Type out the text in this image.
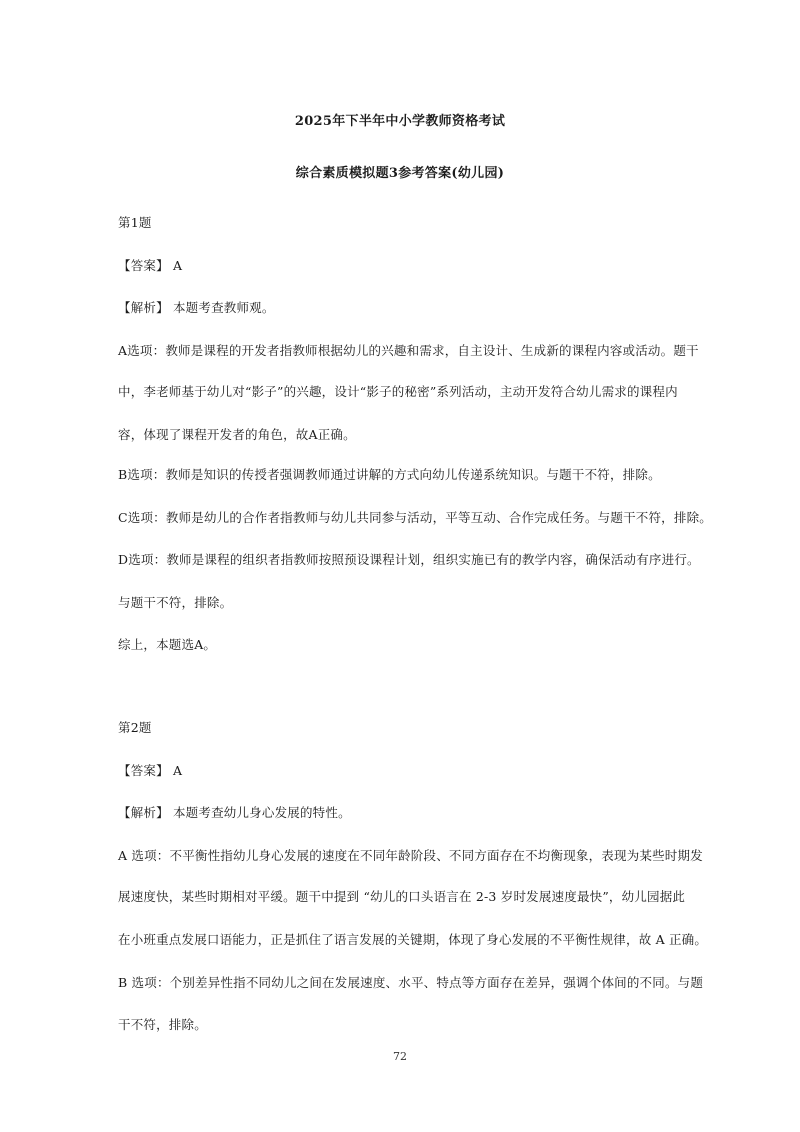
2025年下半年中小学教师资格考试
综合素质模拟题3参考答案(幼儿园)
第1题
【答案】 A
【解析】 本题考查教师观。
A选项：教师是课程的开发者指教师根据幼儿的兴趣和需求，自主设计、生成新的课程内容或活动。题干
中，李老师基于幼儿对“影子”的兴趣，设计“影子的秘密”系列活动，主动开发符合幼儿需求的课程内
容，体现了课程开发者的角色，故A正确。
B选项：教师是知识的传授者强调教师通过讲解的方式向幼儿传递系统知识。与题干不符，排除。
C选项：教师是幼儿的合作者指教师与幼儿共同参与活动，平等互动、合作完成任务。与题干不符，排除。
D选项：教师是课程的组织者指教师按照预设课程计划，组织实施已有的教学内容，确保活动有序进行。
与题干不符，排除。
综上，本题选A。
第2题
【答案】 A
【解析】 本题考查幼儿身心发展的特性。
A 选项：不平衡性指幼儿身心发展的速度在不同年龄阶段、不同方面存在不均衡现象，表现为某些时期发
展速度快，某些时期相对平缓。题干中提到 “幼儿的口头语言在 2-3 岁时发展速度最快”，幼儿园据此
在小班重点发展口语能力，正是抓住了语言发展的关键期，体现了身心发展的不平衡性规律，故 A 正确。
B 选项：个别差异性指不同幼儿之间在发展速度、水平、特点等方面存在差异，强调个体间的不同。与题
干不符，排除。
72
